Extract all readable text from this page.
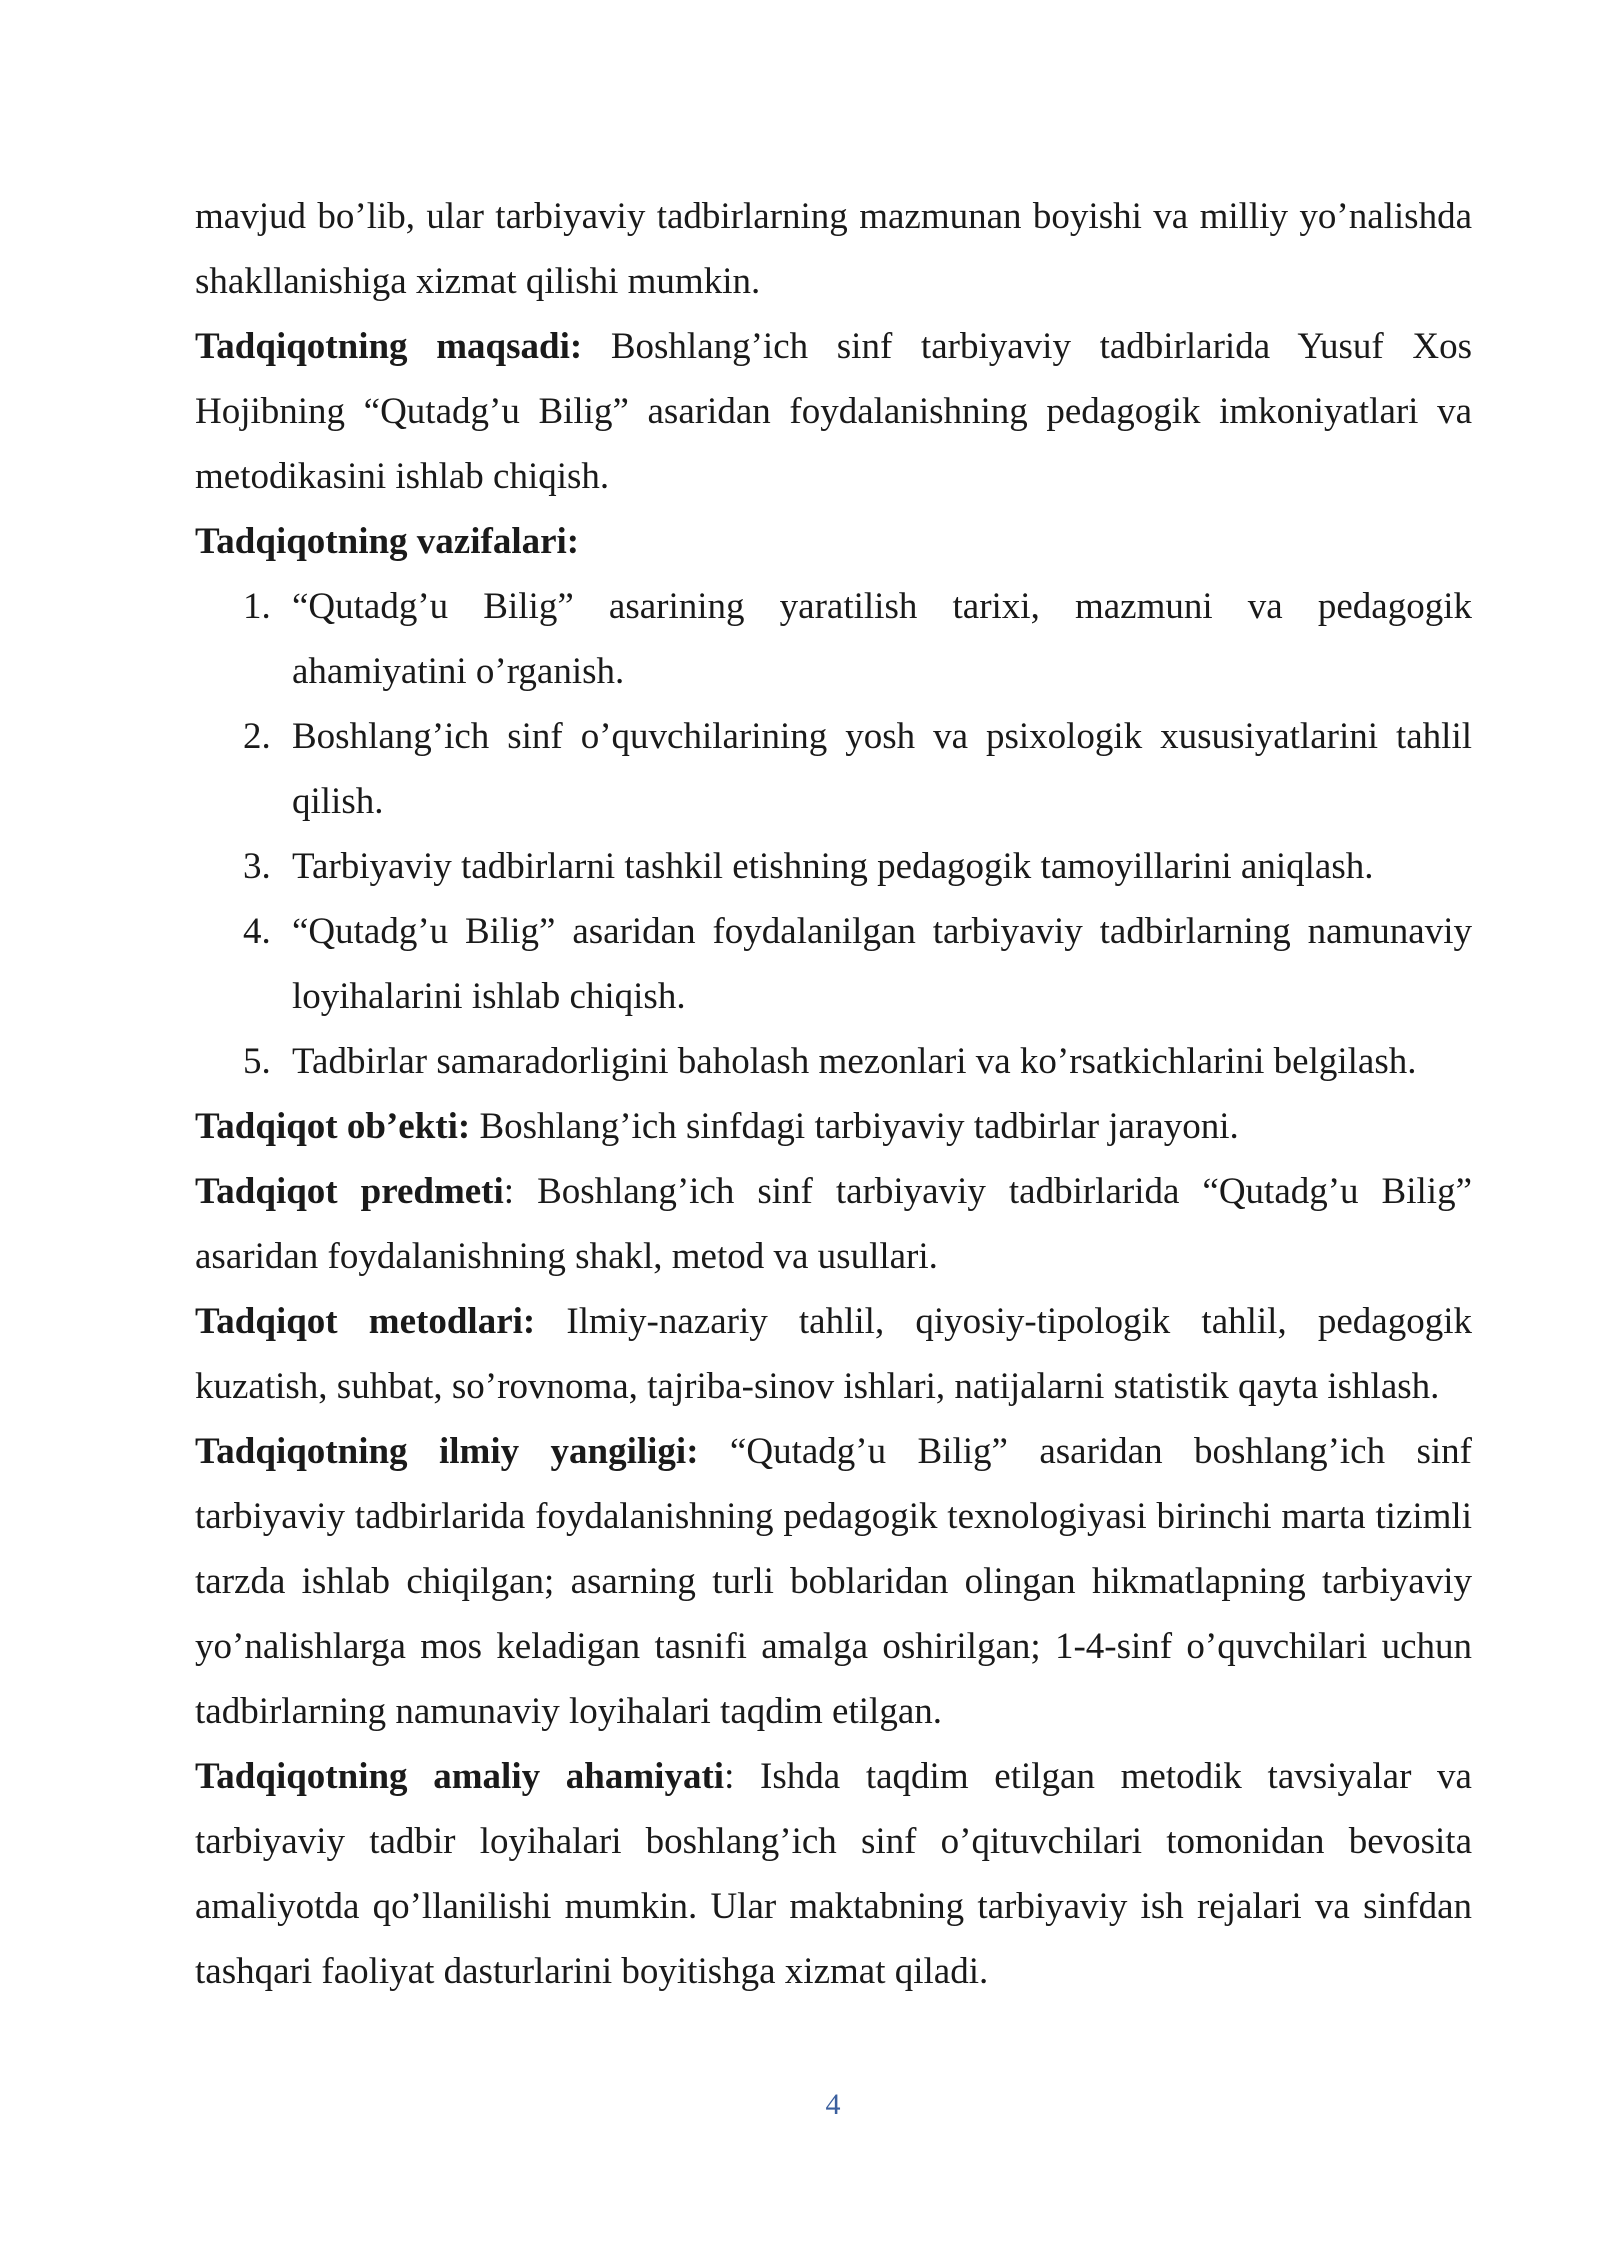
mavjud bo’lib, ular tarbiyaviy tadbirlarning mazmunan boyishi va milliy yo’nalishda shakllanishiga xizmat qilishi mumkin.

Tadqiqotning maqsadi: Boshlang’ich sinf tarbiyaviy tadbirlarida Yusuf Xos Hojibning “Qutadg’u Bilig” asaridan foydalanishning pedagogik imkoniyatlari va metodikasini ishlab chiqish.

Tadqiqotning vazifalari:

“Qutadg’u Bilig” asarining yaratilish tarixi, mazmuni va pedagogik ahamiyatini o’rganish.
Boshlang’ich sinf o’quvchilarining yosh va psixologik xususiyatlarini tahlil qilish.
Tarbiyaviy tadbirlarni tashkil etishning pedagogik tamoyillarini aniqlash.
“Qutadg’u Bilig” asaridan foydalanilgan tarbiyaviy tadbirlarning namunaviy loyihalarini ishlab chiqish.
Tadbirlar samaradorligini baholash mezonlari va ko’rsatkichlarini belgilash.

Tadqiqot ob’ekti: Boshlang’ich sinfdagi tarbiyaviy tadbirlar jarayoni.

Tadqiqot predmeti: Boshlang’ich sinf tarbiyaviy tadbirlarida “Qutadg’u Bilig” asaridan foydalanishning shakl, metod va usullari.

Tadqiqot metodlari: Ilmiy-nazariy tahlil, qiyosiy-tipologik tahlil, pedagogik kuzatish, suhbat, so’rovnoma, tajriba-sinov ishlari, natijalarni statistik qayta ishlash.

Tadqiqotning ilmiy yangiligi: “Qutadg’u Bilig” asaridan boshlang’ich sinf tarbiyaviy tadbirlarida foydalanishning pedagogik texnologiyasi birinchi marta tizimli tarzda ishlab chiqilgan; asarning turli boblaridan olingan hikmatlapning tarbiyaviy yo’nalishlarga mos keladigan tasnifi amalga oshirilgan; 1-4-sinf o’quvchilari uchun tadbirlarning namunaviy loyihalari taqdim etilgan.

Tadqiqotning amaliy ahamiyati: Ishda taqdim etilgan metodik tavsiyalar va tarbiyaviy tadbir loyihalari boshlang’ich sinf o’qituvchilari tomonidan bevosita amaliyotda qo’llanilishi mumkin. Ular maktabning tarbiyaviy ish rejalari va sinfdan tashqari faoliyat dasturlarini boyitishga xizmat qiladi.

4
